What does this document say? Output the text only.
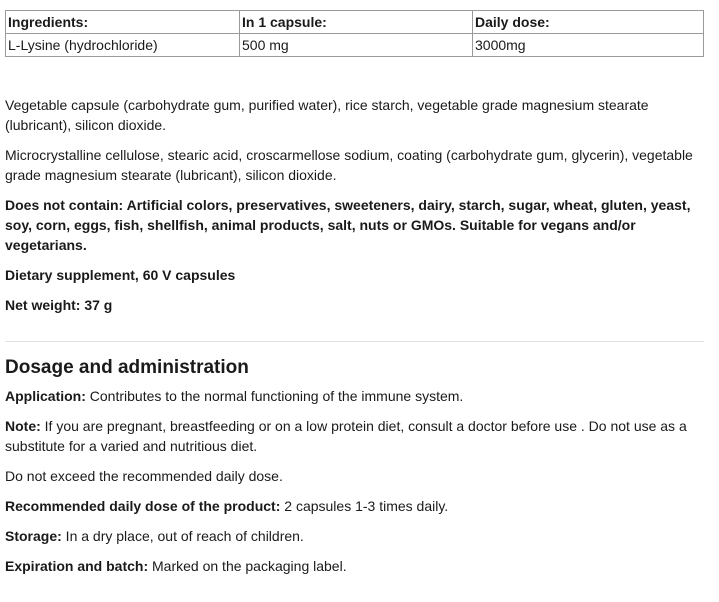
Ingredients:	In 1 capsule:	Daily dose:
L-Lysine (hydrochloride)	500 mg	3000mg

Vegetable capsule (carbohydrate gum, purified water), rice starch, vegetable grade magnesium stearate (lubricant), silicon dioxide.

Microcrystalline cellulose, stearic acid, croscarmellose sodium, coating (carbohydrate gum, glycerin), vegetable grade magnesium stearate (lubricant), silicon dioxide.

Does not contain: Artificial colors, preservatives, sweeteners, dairy, starch, sugar, wheat, gluten, yeast, soy, corn, eggs, fish, shellfish, animal products, salt, nuts or GMOs. Suitable for vegans and/or vegetarians.

Dietary supplement, 60 V capsules

Net weight: 37 g

Dosage and administration

Application: Contributes to the normal functioning of the immune system.

Note: If you are pregnant, breastfeeding or on a low protein diet, consult a doctor before use . Do not use as a substitute for a varied and nutritious diet.

Do not exceed the recommended daily dose.

Recommended daily dose of the product: 2 capsules 1-3 times daily.

Storage: In a dry place, out of reach of children.

Expiration and batch: Marked on the packaging label.
